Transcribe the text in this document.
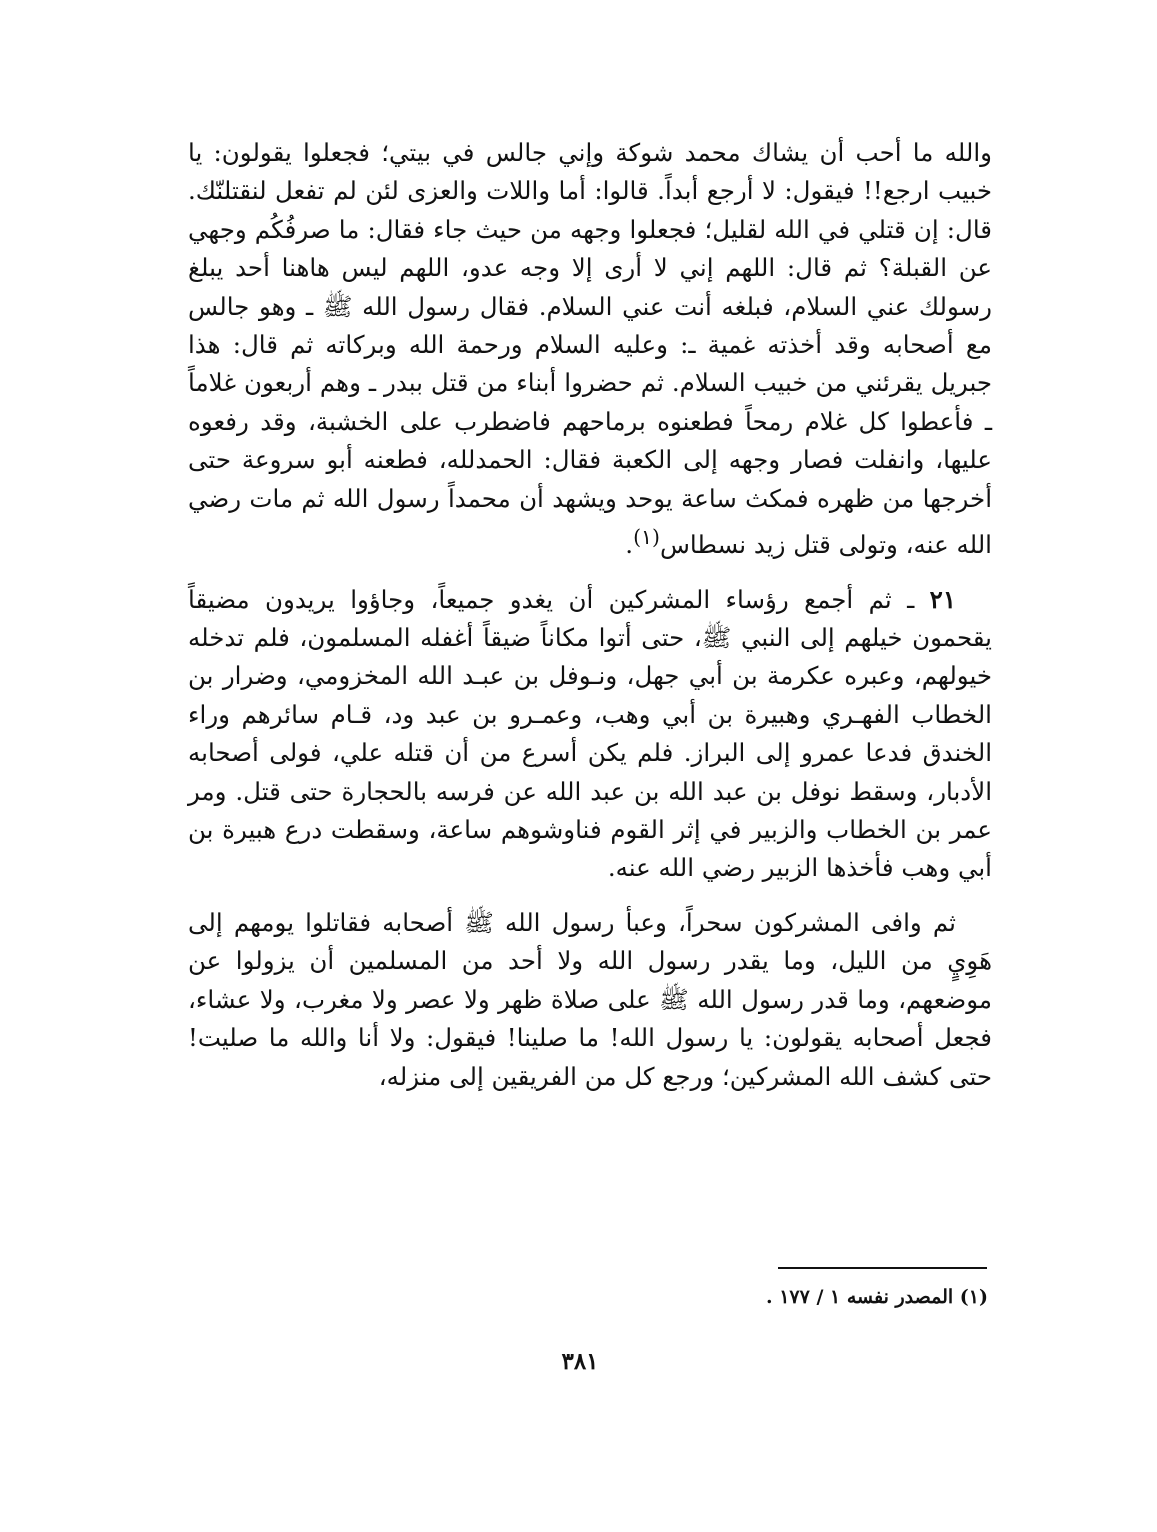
والله ما أحب أن يشاك محمد شوكة وإني جالس في بيتي؛ فجعلوا يقولون: يا خبيب ارجع!! فيقول: لا أرجع أبداً. قالوا: أما واللات والعزى لئن لم تفعل لنقتلنّك. قال: إن قتلي في الله لقليل؛ فجعلوا وجهه من حيث جاء فقال: ما صرفُكُم وجهي عن القبلة؟ ثم قال: اللهم إني لا أرى إلا وجه عدو، اللهم ليس هاهنا أحد يبلغ رسولك عني السلام، فبلغه أنت عني السلام. فقال رسول الله ﷺ ـ وهو جالس مع أصحابه وقد أخذته غمية ـ: وعليه السلام ورحمة الله وبركاته ثم قال: هذا جبريل يقرئني من خبيب السلام. ثم حضروا أبناء من قتل ببدر ـ وهم أربعون غلاماً ـ فأعطوا كل غلام رمحاً فطعنوه برماحهم فاضطرب على الخشبة، وقد رفعوه عليها، وانفلت فصار وجهه إلى الكعبة فقال: الحمدلله، فطعنه أبو سروعة حتى أخرجها من ظهره فمكث ساعة يوحد ويشهد أن محمداً رسول الله ثم مات رضي الله عنه، وتولى قتل زيد نسطاس$^{(١)}$.

٢١ ـ ثم أجمع رؤساء المشركين أن يغدو جميعاً، وجاؤوا يريدون مضيقاً يقحمون خيلهم إلى النبي ﷺ، حتى أتوا مكاناً ضيقاً أغفله المسلمون، فلم تدخله خيولهم، وعبره عكرمة بن أبي جهل، ونـوفل بن عبـد الله المخزومي، وضرار بن الخطاب الفهـري وهبيرة بن أبي وهب، وعمـرو بن عبد ود، قـام سائرهم وراء الخندق فدعا عمرو إلى البراز. فلم يكن أسرع من أن قتله علي، فولى أصحابه الأدبار، وسقط نوفل بن عبد الله بن عبد الله عن فرسه بالحجارة حتى قتل. ومر عمر بن الخطاب والزبير في إثر القوم فناوشوهم ساعة، وسقطت درع هبيرة بن أبي وهب فأخذها الزبير رضي الله عنه.

ثم وافى المشركون سحراً، وعبأ رسول الله ﷺ أصحابه فقاتلوا يومهم إلى هَوِيٍ من الليل، وما يقدر رسول الله ولا أحد من المسلمين أن يزولوا عن موضعهم، وما قدر رسول الله ﷺ على صلاة ظهر ولا عصر ولا مغرب، ولا عشاء، فجعل أصحابه يقولون: يا رسول الله! ما صلينا! فيقول: ولا أنا والله ما صليت! حتى كشف الله المشركين؛ ورجع كل من الفريقين إلى منزله،

(١) المصدر نفسه ١ / ١٧٧ .
٣٨١
